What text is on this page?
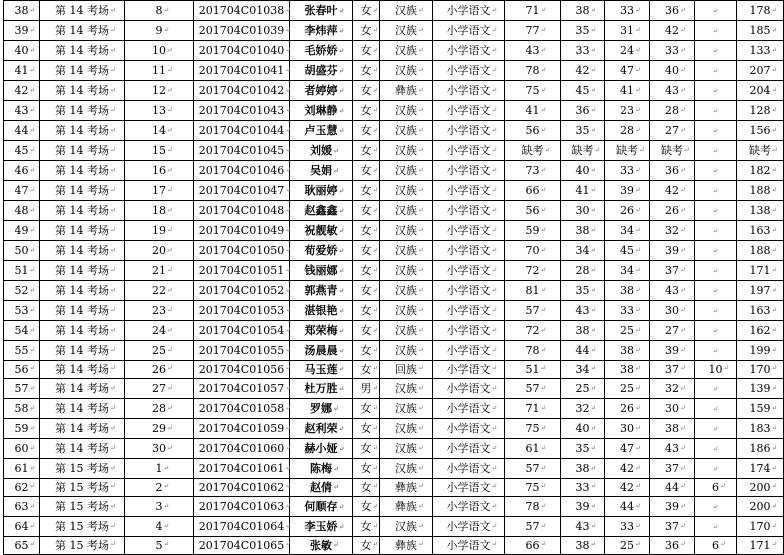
38 ↵	第 14 考场 ↵	8 ↵	201704C01038 ↵	张春叶 ↵	女 ↵	汉族 ↵	小学语文 ↵	71 ↵	38 ↵	33 ↵	36 ↵	↵	178 ↵
39 ↵	第 14 考场 ↵	9 ↵	201704C01039 ↵	李炜萍 ↵	女 ↵	汉族 ↵	小学语文 ↵	77 ↵	35 ↵	31 ↵	42 ↵	↵	185 ↵
40 ↵	第 14 考场 ↵	10 ↵	201704C01040 ↵	毛娇娇 ↵	女 ↵	汉族 ↵	小学语文 ↵	43 ↵	33 ↵	24 ↵	33 ↵	↵	133 ↵
41 ↵	第 14 考场 ↵	11 ↵	201704C01041 ↵	胡盛芬 ↵	女 ↵	汉族 ↵	小学语文 ↵	78 ↵	42 ↵	47 ↵	40 ↵	↵	207 ↵
42 ↵	第 14 考场 ↵	12 ↵	201704C01042 ↵	者婷婷 ↵	女 ↵	彝族 ↵	小学语文 ↵	75 ↵	45 ↵	41 ↵	43 ↵	↵	204 ↵
43 ↵	第 14 考场 ↵	13 ↵	201704C01043 ↵	刘琳静 ↵	女 ↵	汉族 ↵	小学语文 ↵	41 ↵	36 ↵	23 ↵	28 ↵	↵	128 ↵
44 ↵	第 14 考场 ↵	14 ↵	201704C01044 ↵	卢玉慧 ↵	女 ↵	汉族 ↵	小学语文 ↵	56 ↵	35 ↵	28 ↵	27 ↵	↵	156 ↵
45 ↵	第 14 考场 ↵	15 ↵	201704C01045 ↵	刘媛 ↵	女 ↵	汉族 ↵	小学语文 ↵	缺考 ↵	缺考 ↵	缺考 ↵	缺考 ↵	↵	缺考 ↵
46 ↵	第 14 考场 ↵	16 ↵	201704C01046 ↵	吴娟 ↵	女 ↵	汉族 ↵	小学语文 ↵	73 ↵	40 ↵	33 ↵	36 ↵	↵	182 ↵
47 ↵	第 14 考场 ↵	17 ↵	201704C01047 ↵	耿丽婷 ↵	女 ↵	汉族 ↵	小学语文 ↵	66 ↵	41 ↵	39 ↵	42 ↵	↵	188 ↵
48 ↵	第 14 考场 ↵	18 ↵	201704C01048 ↵	赵鑫鑫 ↵	女 ↵	汉族 ↵	小学语文 ↵	56 ↵	30 ↵	26 ↵	26 ↵	↵	138 ↵
49 ↵	第 14 考场 ↵	19 ↵	201704C01049 ↵	祝靓敏 ↵	女 ↵	汉族 ↵	小学语文 ↵	59 ↵	38 ↵	34 ↵	32 ↵	↵	163 ↵
50 ↵	第 14 考场 ↵	20 ↵	201704C01050 ↵	荀爱娇 ↵	女 ↵	汉族 ↵	小学语文 ↵	70 ↵	34 ↵	45 ↵	39 ↵	↵	188 ↵
51 ↵	第 14 考场 ↵	21 ↵	201704C01051 ↵	钱丽娜 ↵	女 ↵	汉族 ↵	小学语文 ↵	72 ↵	28 ↵	34 ↵	37 ↵	↵	171 ↵
52 ↵	第 14 考场 ↵	22 ↵	201704C01052 ↵	郭燕青 ↵	女 ↵	汉族 ↵	小学语文 ↵	81 ↵	35 ↵	38 ↵	43 ↵	↵	197 ↵
53 ↵	第 14 考场 ↵	23 ↵	201704C01053 ↵	湛银艳 ↵	女 ↵	汉族 ↵	小学语文 ↵	57 ↵	43 ↵	33 ↵	30 ↵	↵	163 ↵
54 ↵	第 14 考场 ↵	24 ↵	201704C01054 ↵	郑荣梅 ↵	女 ↵	汉族 ↵	小学语文 ↵	72 ↵	38 ↵	25 ↵	27 ↵	↵	162 ↵
55 ↵	第 14 考场 ↵	25 ↵	201704C01055 ↵	汤晨晨 ↵	女 ↵	汉族 ↵	小学语文 ↵	78 ↵	44 ↵	38 ↵	39 ↵	↵	199 ↵
56 ↵	第 14 考场 ↵	26 ↵	201704C01056 ↵	马玉莲 ↵	女 ↵	回族 ↵	小学语文 ↵	51 ↵	34 ↵	38 ↵	37 ↵	10 ↵	170 ↵
57 ↵	第 14 考场 ↵	27 ↵	201704C01057 ↵	杜万胜 ↵	男 ↵	汉族 ↵	小学语文 ↵	57 ↵	25 ↵	25 ↵	32 ↵	↵	139 ↵
58 ↵	第 14 考场 ↵	28 ↵	201704C01058 ↵	罗娜 ↵	女 ↵	汉族 ↵	小学语文 ↵	71 ↵	32 ↵	26 ↵	30 ↵	↵	159 ↵
59 ↵	第 14 考场 ↵	29 ↵	201704C01059 ↵	赵利荣 ↵	女 ↵	汉族 ↵	小学语文 ↵	75 ↵	40 ↵	30 ↵	38 ↵	↵	183 ↵
60 ↵	第 14 考场 ↵	30 ↵	201704C01060 ↵	赫小娅 ↵	女 ↵	汉族 ↵	小学语文 ↵	61 ↵	35 ↵	47 ↵	43 ↵	↵	186 ↵
61 ↵	第 15 考场 ↵	1 ↵	201704C01061 ↵	陈梅 ↵	女 ↵	汉族 ↵	小学语文 ↵	57 ↵	38 ↵	42 ↵	37 ↵	↵	174 ↵
62 ↵	第 15 考场 ↵	2 ↵	201704C01062 ↵	赵倩 ↵	女 ↵	彝族 ↵	小学语文 ↵	75 ↵	33 ↵	42 ↵	44 ↵	6 ↵	200 ↵
63 ↵	第 15 考场 ↵	3 ↵	201704C01063 ↵	何顺存 ↵	女 ↵	彝族 ↵	小学语文 ↵	78 ↵	39 ↵	44 ↵	39 ↵	↵	200 ↵
64 ↵	第 15 考场 ↵	4 ↵	201704C01064 ↵	李玉娇 ↵	女 ↵	汉族 ↵	小学语文 ↵	57 ↵	43 ↵	33 ↵	37 ↵	↵	170 ↵
65 ↵	第 15 考场 ↵	5 ↵	201704C01065 ↵	张敏 ↵	女 ↵	彝族 ↵	小学语文 ↵	66 ↵	38 ↵	25 ↵	36 ↵	6 ↵	171 ↵
